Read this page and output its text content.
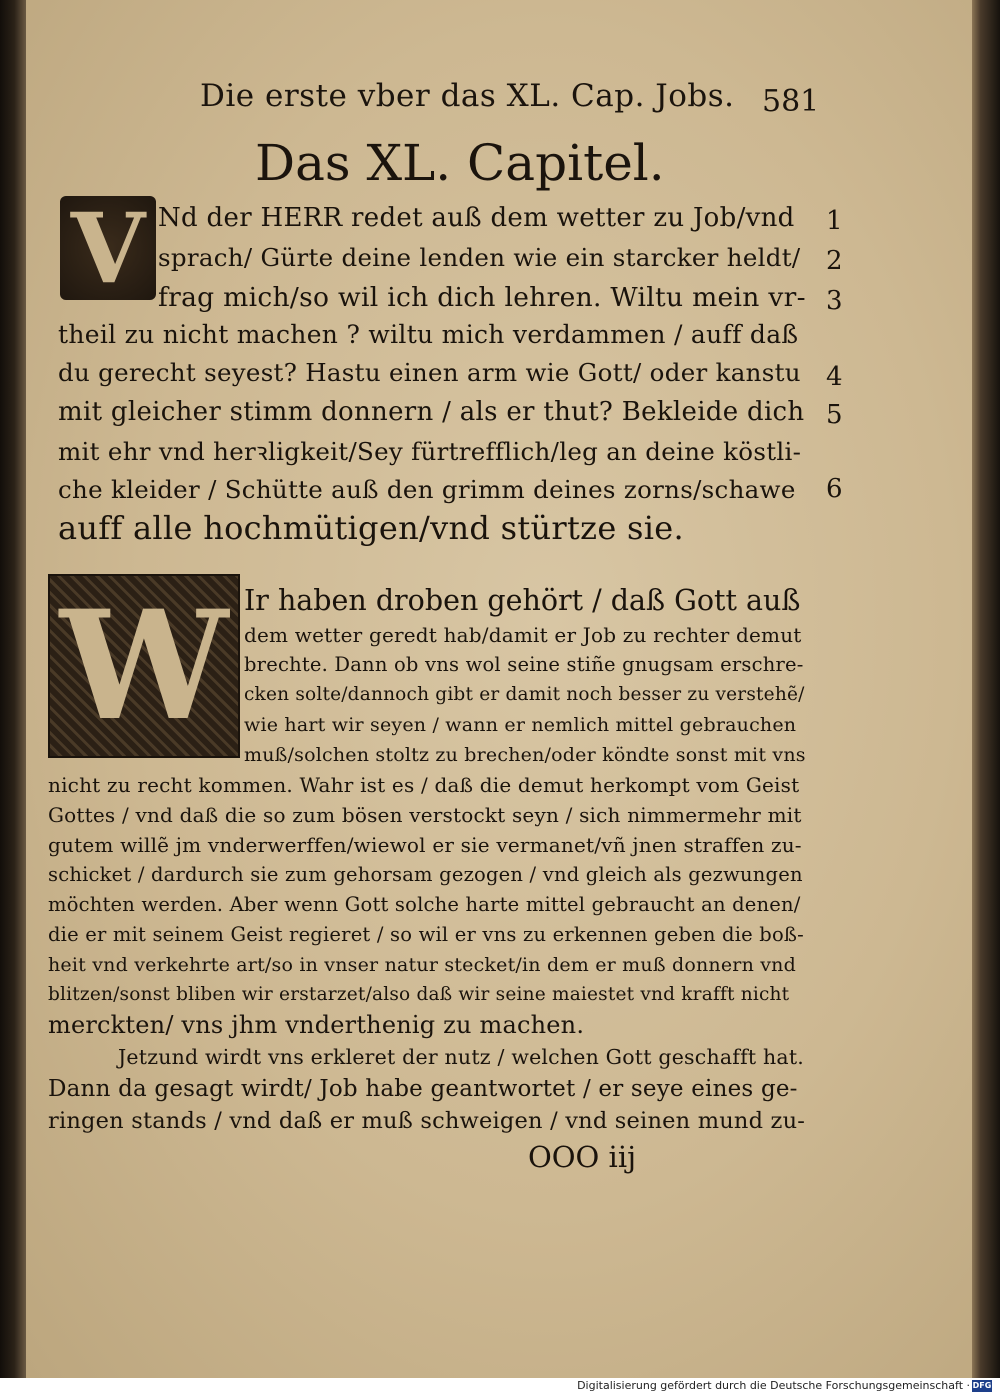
Die erste vber das XL. Cap. Jobs. 581
Das XL. Capitel.
V Nd der HERR redet auß dem wetter zu Job/vnd
sprach/ Gürte deine lenden wie ein starcker heldt/
frag mich/so wil ich dich lehren. Wiltu mein vr-
theil zu nicht machen ? wiltu mich verdammen / auff daß
du gerecht seyest? Hastu einen arm wie Gott/ oder kanstu
mit gleicher stimm donnern / als er thut? Bekleide dich
mit ehr vnd herꝛligkeit/Sey fürtrefflich/leg an deine köstli-
che kleider / Schütte auß den grimm deines zorns/schawe
auff alle hochmütigen/vnd stürtze sie.
1
2
3
4
5
6
W Ir haben droben gehört / daß Gott auß
dem wetter geredt hab/damit er Job zu rechter demut
brechte. Dann ob vns wol seine stiñe gnugsam erschre-
cken solte/dannoch gibt er damit noch besser zu verstehẽ/
wie hart wir seyen / wann er nemlich mittel gebrauchen
muß/solchen stoltz zu brechen/oder köndte sonst mit vns
nicht zu recht kommen. Wahr ist es / daß die demut herkompt vom Geist
Gottes / vnd daß die so zum bösen verstockt seyn / sich nimmermehr mit
gutem willẽ jm vnderwerffen/wiewol er sie vermanet/vñ jnen straffen zu-
schicket / dardurch sie zum gehorsam gezogen / vnd gleich als gezwungen
möchten werden. Aber wenn Gott solche harte mittel gebraucht an denen/
die er mit seinem Geist regieret / so wil er vns zu erkennen geben die boß-
heit vnd verkehrte art/so in vnser natur stecket/in dem er muß donnern vnd
blitzen/sonst bliben wir erstarzet/also daß wir seine maiestet vnd krafft nicht
merckten/ vns jhm vnderthenig zu machen.
Jetzund wirdt vns erkleret der nutz / welchen Gott geschafft hat.
Dann da gesagt wirdt/ Job habe geantwortet / er seye eines ge-
ringen stands / vnd daß er muß schweigen / vnd seinen mund zu-
OOO iij
Digitalisierung gefördert durch die Deutsche Forschungsgemeinschaft · DFG
